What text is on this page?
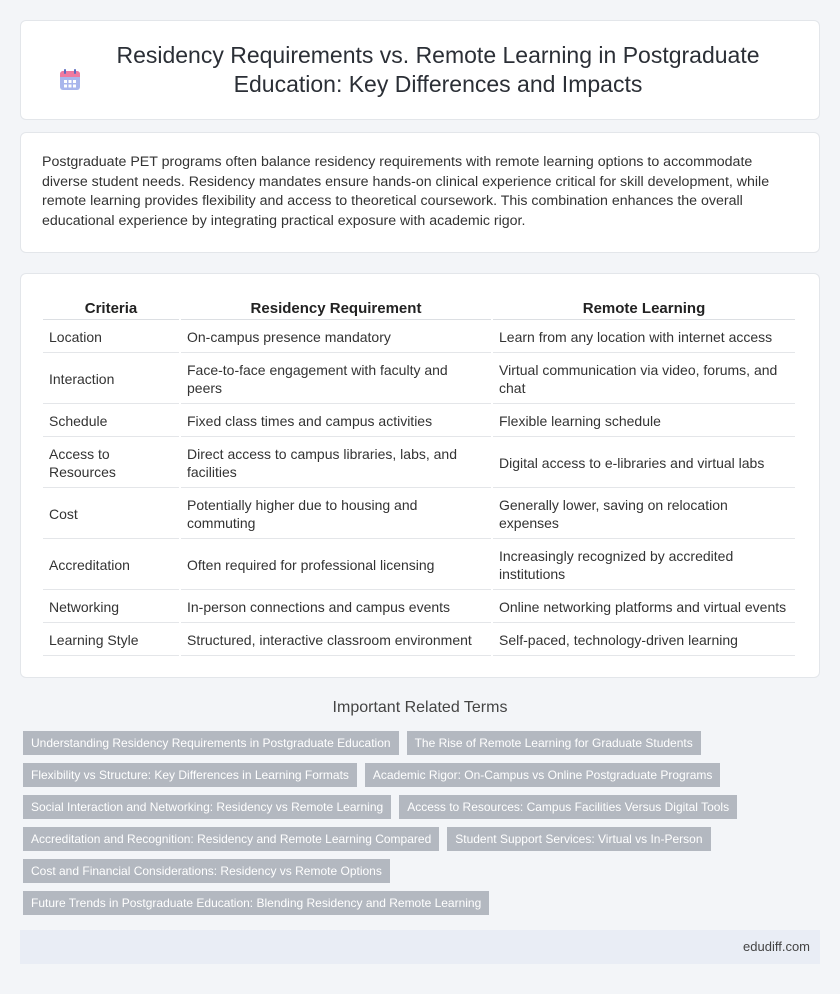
Residency Requirements vs. Remote Learning in Postgraduate Education: Key Differences and Impacts

Postgraduate PET programs often balance residency requirements with remote learning options to accommodate diverse student needs. Residency mandates ensure hands-on clinical experience critical for skill development, while remote learning provides flexibility and access to theoretical coursework. This combination enhances the overall educational experience by integrating practical exposure with academic rigor.

Criteria	Residency Requirement	Remote Learning
Location	On-campus presence mandatory	Learn from any location with internet access
Interaction	Face-to-face engagement with faculty and peers	Virtual communication via video, forums, and chat
Schedule	Fixed class times and campus activities	Flexible learning schedule
Access to Resources	Direct access to campus libraries, labs, and facilities	Digital access to e-libraries and virtual labs
Cost	Potentially higher due to housing and commuting	Generally lower, saving on relocation expenses
Accreditation	Often required for professional licensing	Increasingly recognized by accredited institutions
Networking	In-person connections and campus events	Online networking platforms and virtual events
Learning Style	Structured, interactive classroom environment	Self-paced, technology-driven learning
Important Related Terms
Understanding Residency Requirements in Postgraduate Education	The Rise of Remote Learning for Graduate Students
Flexibility vs Structure: Key Differences in Learning Formats	Academic Rigor: On-Campus vs Online Postgraduate Programs
Social Interaction and Networking: Residency vs Remote Learning	Access to Resources: Campus Facilities Versus Digital Tools
Accreditation and Recognition: Residency and Remote Learning Compared	Student Support Services: Virtual vs In-Person
Cost and Financial Considerations: Residency vs Remote Options
Future Trends in Postgraduate Education: Blending Residency and Remote Learning
edudiff.com
